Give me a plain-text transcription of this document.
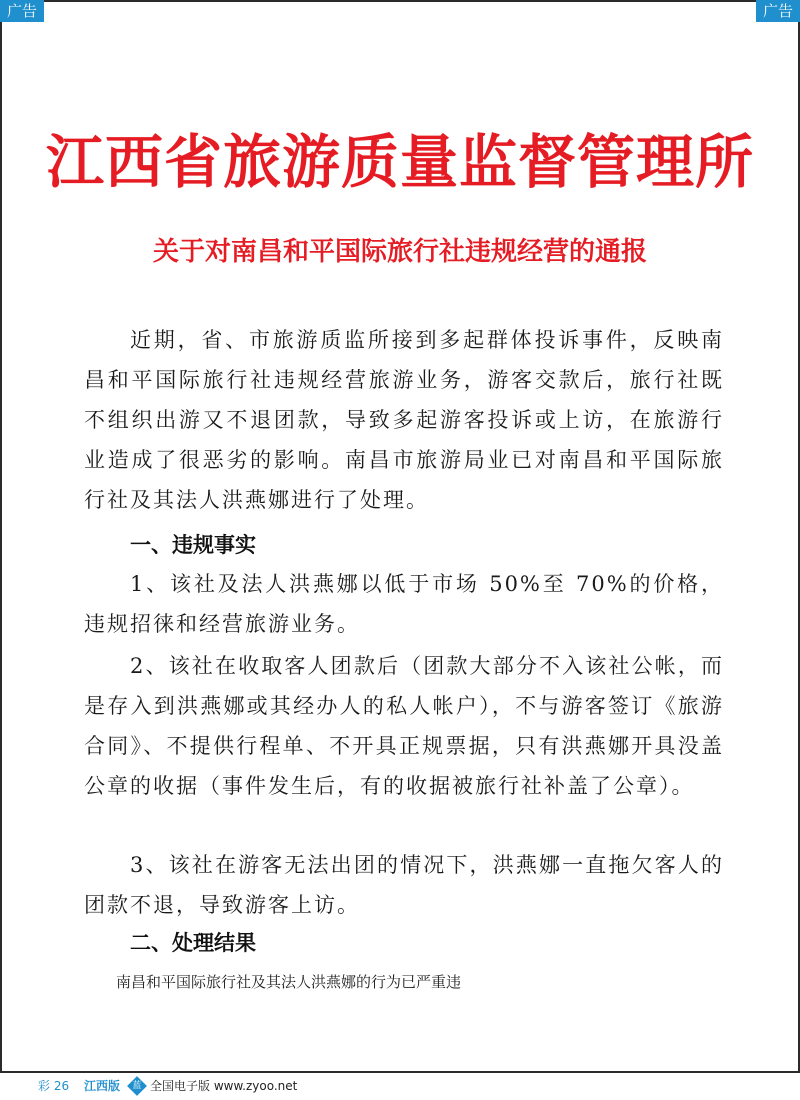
广告	广告
江西省旅游质量监督管理所
关于对南昌和平国际旅行社违规经营的通报
近期，省、市旅游质监所接到多起群体投诉事件，反映南昌和平国际旅行社违规经营旅游业务，游客交款后，旅行社既不组织出游又不退团款，导致多起游客投诉或上访，在旅游行业造成了很恶劣的影响。南昌市旅游局业已对南昌和平国际旅行社及其法人洪燕娜进行了处理。
一、违规事实
1、该社及法人洪燕娜以低于市场 50%至 70%的价格，违规招徕和经营旅游业务。
2、该社在收取客人团款后（团款大部分不入该社公帐，而是存入到洪燕娜或其经办人的私人帐户），不与游客签订《旅游合同》、不提供行程单、不开具正规票据，只有洪燕娜开具没盖公章的收据（事件发生后，有的收据被旅行社补盖了公章）。
3、该社在游客无法出团的情况下，洪燕娜一直拖欠客人的团款不退，导致游客上访。
二、处理结果
南昌和平国际旅行社及其法人洪燕娜的行为已严重违
彩 26 江西版 蓝 全国电子版 www.zyoo.net
